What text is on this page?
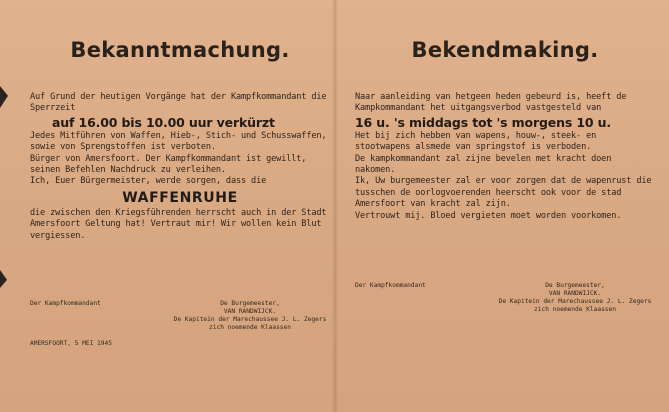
Bekanntmachung.

Auf Grund der heutigen Vorgänge hat der Kampfkommandant die Sperrzeit

auf 16.00 bis 10.00 uur verkürzt

Jedes Mitführen von Waffen, Hieb-, Stich- und Schusswaffen, sowie von Sprengstoffen ist verboten.

Bürger von Amersfoort. Der Kampfkommandant ist gewillt, seinen Befehlen Nachdruck zu verleihen.

Ich, Euer Bürgermeister, werde sorgen, dass die

WAFFENRUHE

die zwischen den Kriegsführenden herrscht auch in der Stadt Amersfoort Geltung hat! Vertraut mir! Wir wollen kein Blut vergiessen.

Der Kampfkommandant	De Burgemeester,
VAN RANDWIJCK.
De Kapitein der Marechaussee J. L. Zegers
zich noemende Klaassen
AMERSFOORT, 5 MEI 1945
Bekendmaking.

Naar aanleiding van hetgeen heden gebeurd is, heeft de Kampkommandant het uitgangsverbod vastgesteld van

16 u. 's middags tot 's morgens 10 u.

Het bij zich hebben van wapens, houw-, steek- en stootwapens alsmede van springstof is verboden.

De kampkommandant zal zijne bevelen met kracht doen nakomen.

Ik, Uw burgemeester zal er voor zorgen dat de wapenrust die tusschen de oorlogvoerenden heerscht ook voor de stad Amersfoort van kracht zal zijn.

Vertrouwt mij. Bloed vergieten moet worden voorkomen.

Der Kampfkommandant	De Burgemeester,
VAN RANDWIJCK.
De Kapitein der Marechaussee J. L. Zegers
zich noemende Klaassen
